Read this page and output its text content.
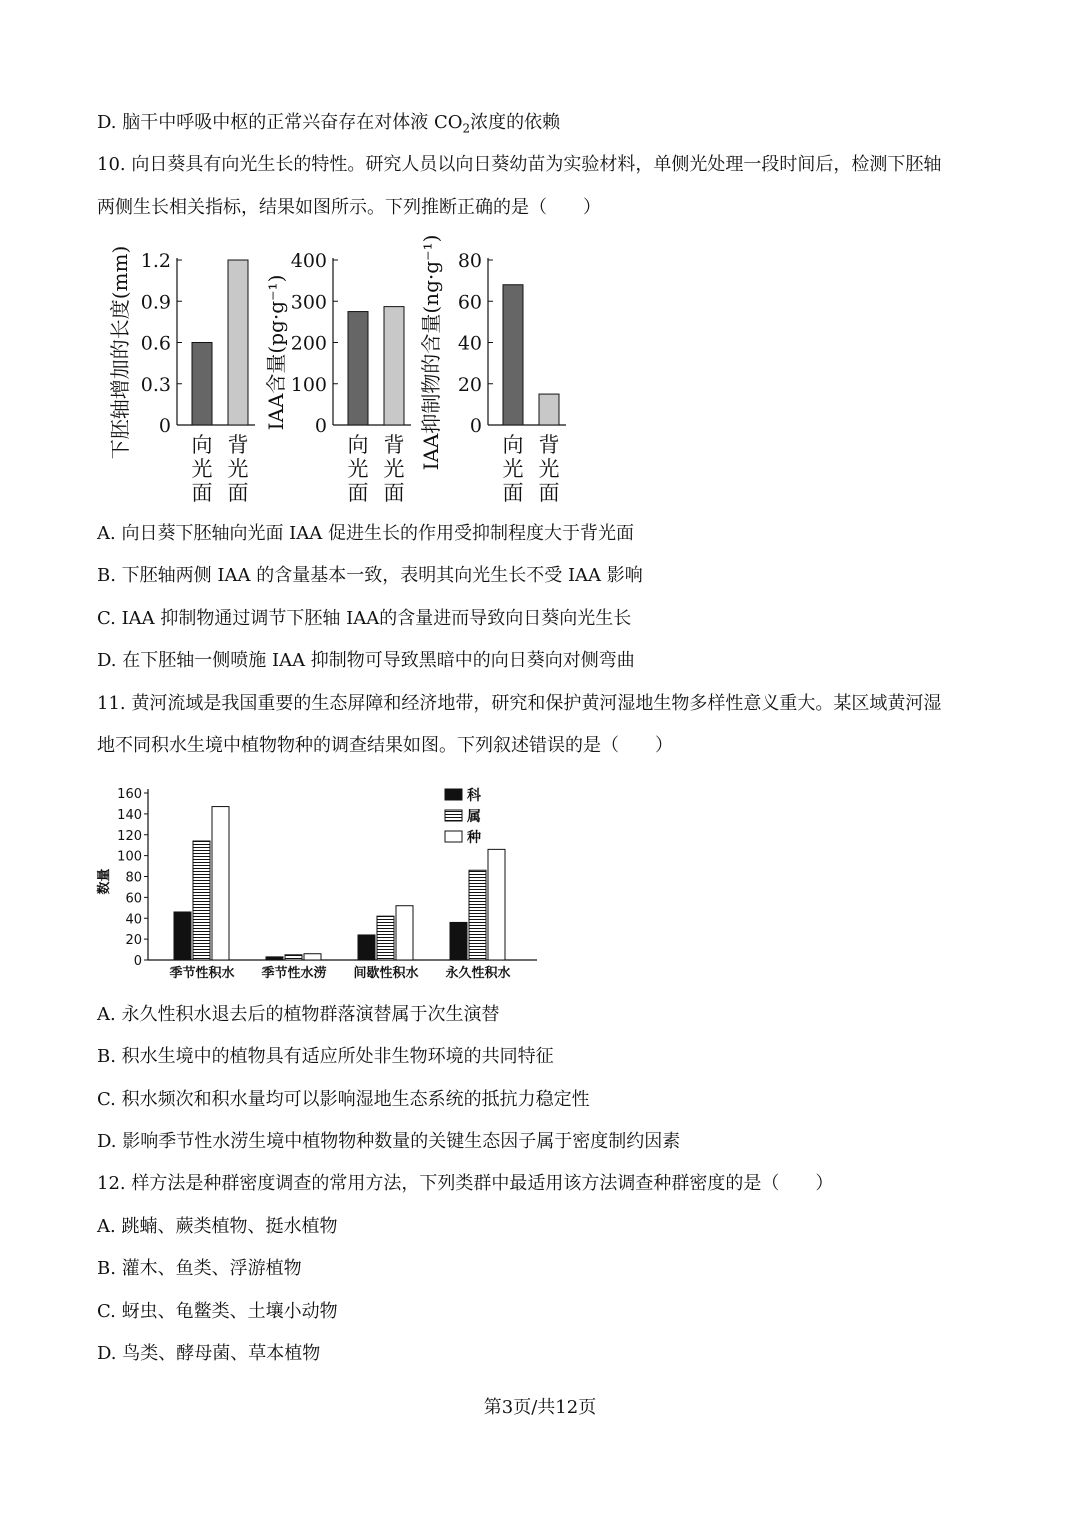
D. 脑干中呼吸中枢的正常兴奋存在对体液 $CO_2$浓度的依赖
10. 向日葵具有向光生长的特性。研究人员以向日葵幼苗为实验材料，单侧光处理一段时间后，检测下胚轴
两侧生长相关指标，结果如图所示。下列推断正确的是（　　）
下胚轴增加的长度(mm) 0
0.3
0.6
0.9
1.2
向
光
面
背
光
面
IAA含量(pg·g⁻¹) 0
100
200
300
400
向
光
面
背
光
面
IAA抑制物的含量(ng·g⁻¹) 0
20
40
60
80
向
光
面
背
光
面
A. 向日葵下胚轴向光面 IAA 促进生长的作用受抑制程度大于背光面
B. 下胚轴两侧 IAA 的含量基本一致，表明其向光生长不受 IAA 影响
C. IAA 抑制物通过调节下胚轴 IAA的含量进而导致向日葵向光生长
D. 在下胚轴一侧喷施 IAA 抑制物可导致黑暗中的向日葵向对侧弯曲
11. 黄河流域是我国重要的生态屏障和经济地带，研究和保护黄河湿地生物多样性意义重大。某区域黄河湿
地不同积水生境中植物物种的调查结果如图。下列叙述错误的是（　　）
数量
0
20
40
60
80
100
120
140
160
季节性积水 季节性水涝 间歇性积水 永久性积水
科
属
种
A. 永久性积水退去后的植物群落演替属于次生演替
B. 积水生境中的植物具有适应所处非生物环境的共同特征
C. 积水频次和积水量均可以影响湿地生态系统的抵抗力稳定性
D. 影响季节性水涝生境中植物物种数量的关键生态因子属于密度制约因素
12. 样方法是种群密度调查的常用方法，下列类群中最适用该方法调查种群密度的是（　　）
A. 跳蝻、蕨类植物、挺水植物
B. 灌木、鱼类、浮游植物
C. 蚜虫、龟鳖类、土壤小动物
D. 鸟类、酵母菌、草本植物
第3页/共12页
